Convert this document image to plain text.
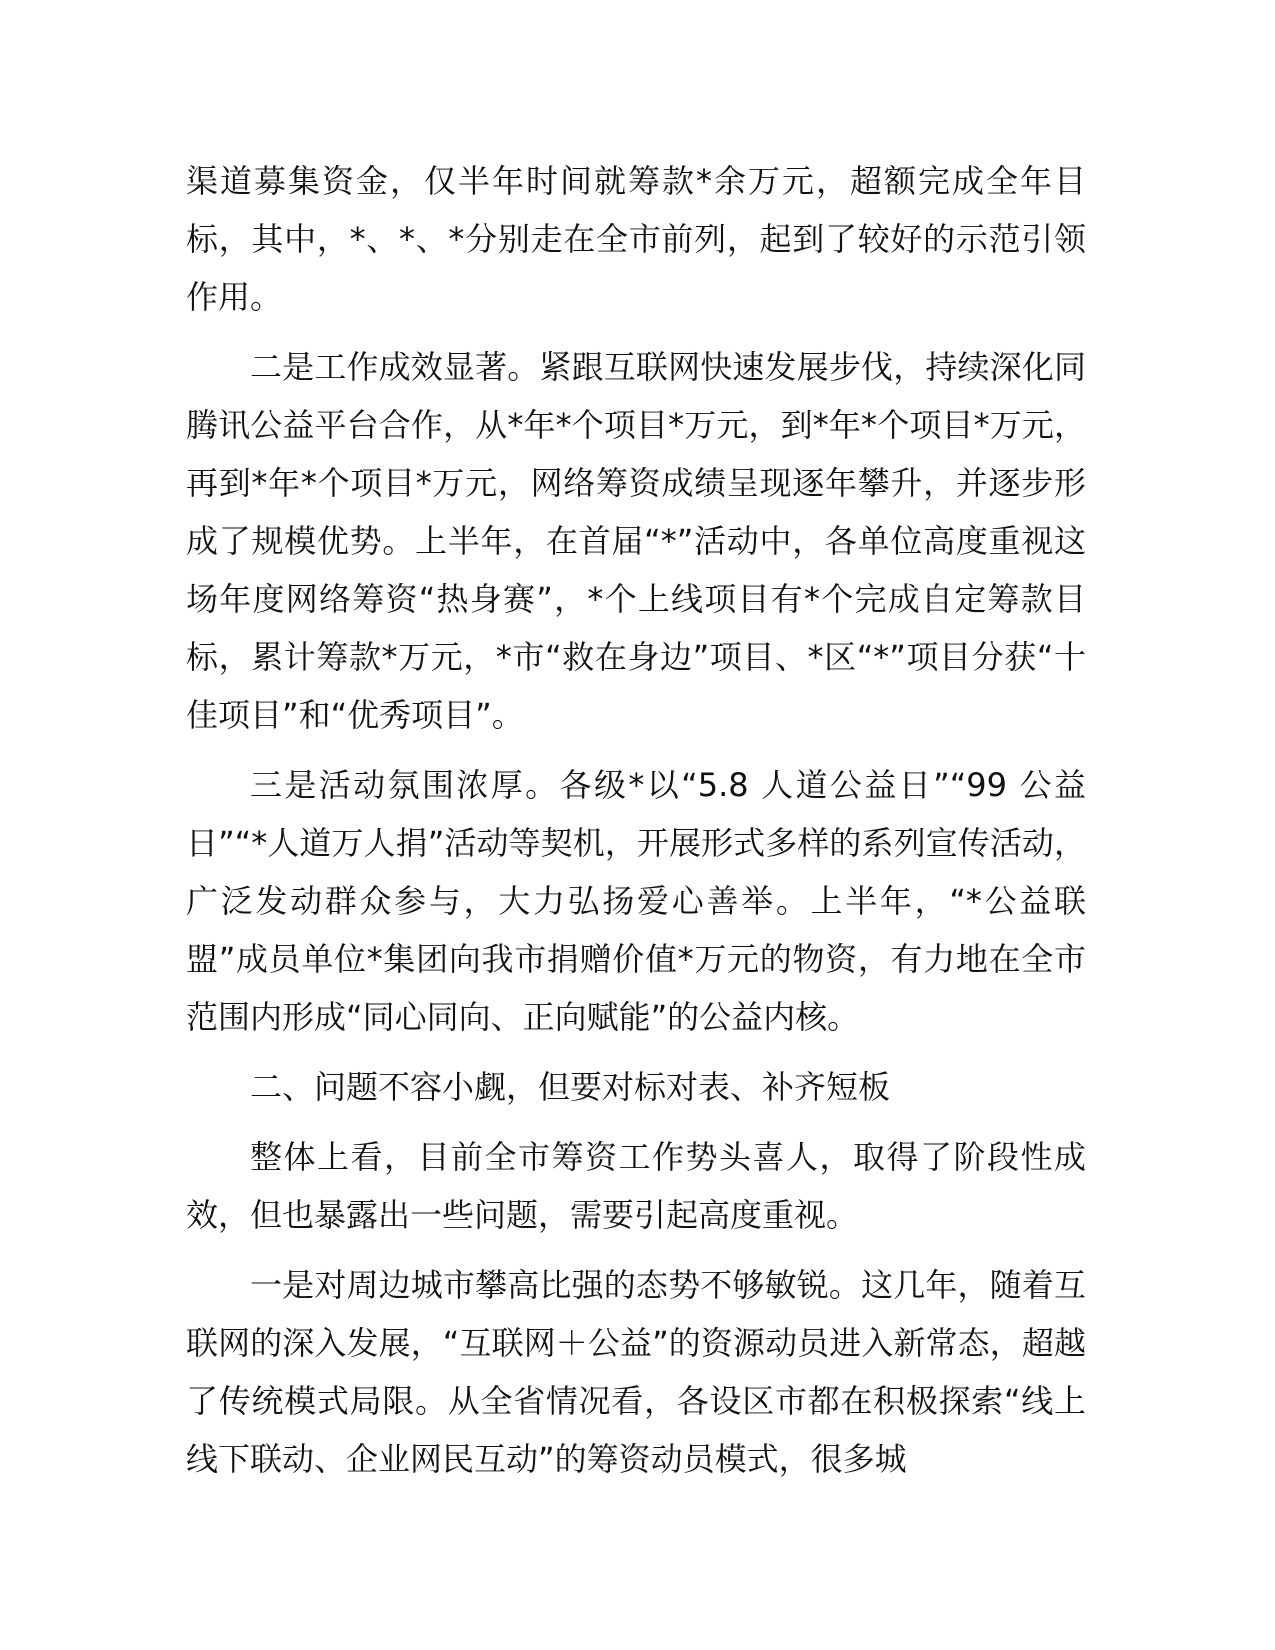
渠道募集资金，仅半年时间就筹款*余万元，超额完成全年目标，其中，*、*、*分别走在全市前列，起到了较好的示范引领作用。

二是工作成效显著。紧跟互联网快速发展步伐，持续深化同腾讯公益平台合作，从*年*个项目*万元，到*年*个项目*万元，再到*年*个项目*万元，网络筹资成绩呈现逐年攀升，并逐步形成了规模优势。上半年，在首届“*”活动中，各单位高度重视这场年度网络筹资“热身赛”，*个上线项目有*个完成自定筹款目标，累计筹款*万元，*市“救在身边”项目、*区“*”项目分获“十佳项目”和“优秀项目”。

三是活动氛围浓厚。各级*以“5.8 人道公益日”“99 公益日”“*人道万人捐”活动等契机，开展形式多样的系列宣传活动，广泛发动群众参与，大力弘扬爱心善举。上半年，“*公益联盟”成员单位*集团向我市捐赠价值*万元的物资，有力地在全市范围内形成“同心同向、正向赋能”的公益内核。

二、问题不容小觑，但要对标对表、补齐短板

整体上看，目前全市筹资工作势头喜人，取得了阶段性成效，但也暴露出一些问题，需要引起高度重视。

一是对周边城市攀高比强的态势不够敏锐。这几年，随着互联网的深入发展，“互联网＋公益”的资源动员进入新常态，超越了传统模式局限。从全省情况看，各设区市都在积极探索“线上线下联动、企业网民互动”的筹资动员模式，很多城
